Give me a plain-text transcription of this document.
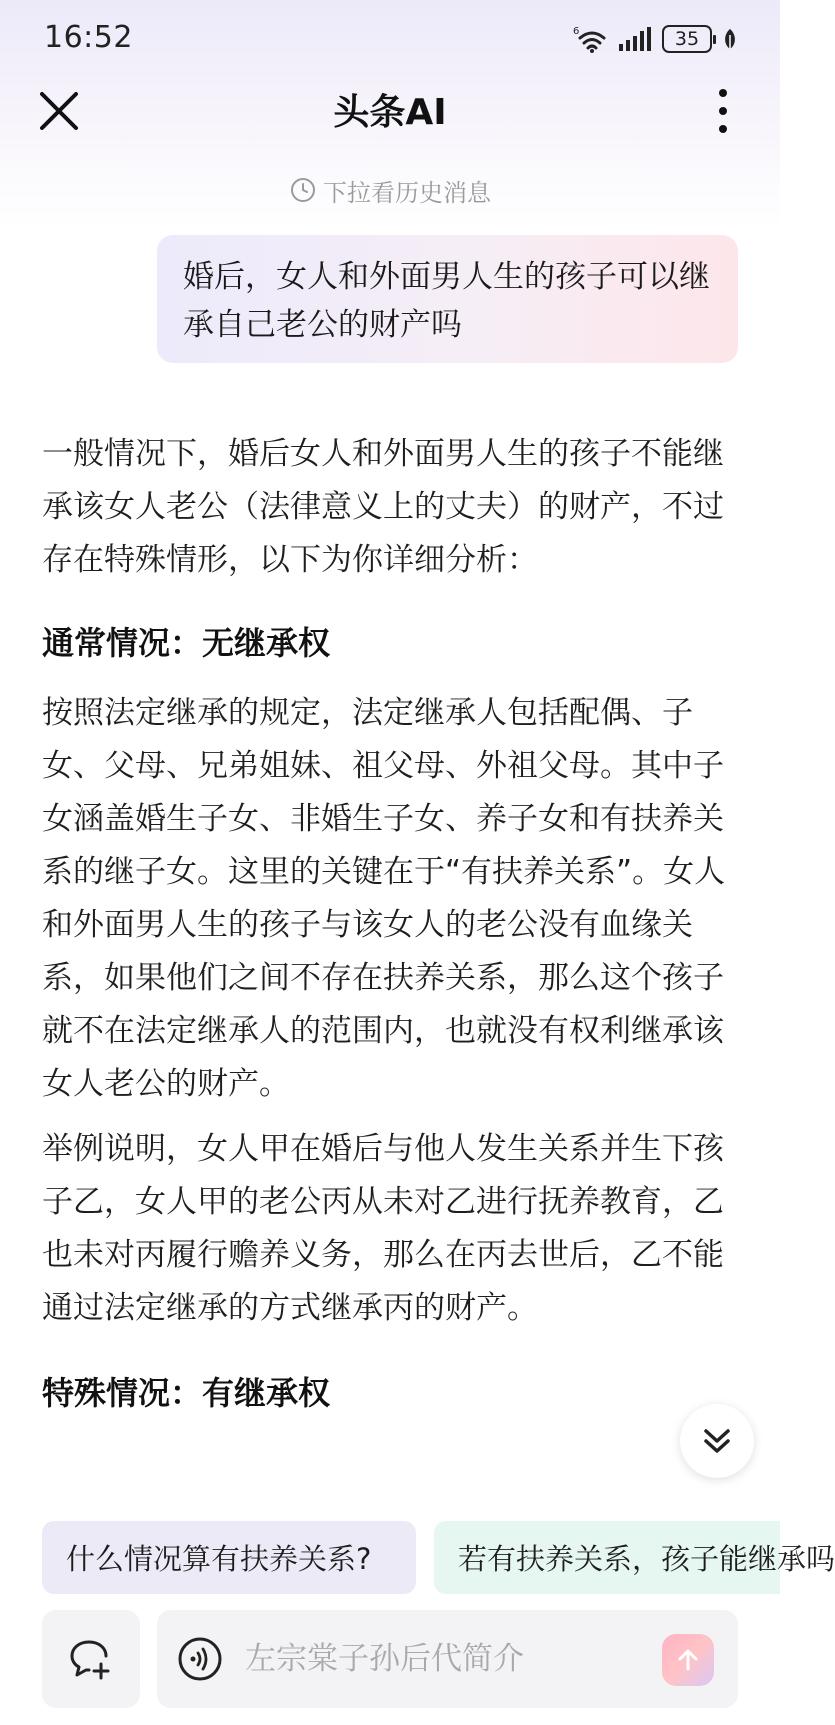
16:52	6	35
头条AI
下拉看历史消息
婚后，女人和外面男人生的孩子可以继承自己老公的财产吗

一般情况下，婚后女人和外面男人生的孩子不能继承该女人老公（法律意义上的丈夫）的财产，不过存在特殊情形，以下为你详细分析：

通常情况：无继承权

按照法定继承的规定，法定继承人包括配偶、子女、父母、兄弟姐妹、祖父母、外祖父母。其中子女涵盖婚生子女、非婚生子女、养子女和有扶养关系的继子女。这里的关键在于“有扶养关系”。女人和外面男人生的孩子与该女人的老公没有血缘关系，如果他们之间不存在扶养关系，那么这个孩子就不在法定继承人的范围内，也就没有权利继承该女人老公的财产。

举例说明，女人甲在婚后与他人发生关系并生下孩子乙，女人甲的老公丙从未对乙进行抚养教育，乙也未对丙履行赡养义务，那么在丙去世后，乙不能通过法定继承的方式继承丙的财产。

特殊情况：有继承权
什么情况算有扶养关系?	若有扶养关系，孩子能继承吗
左宗棠子孙后代简介
